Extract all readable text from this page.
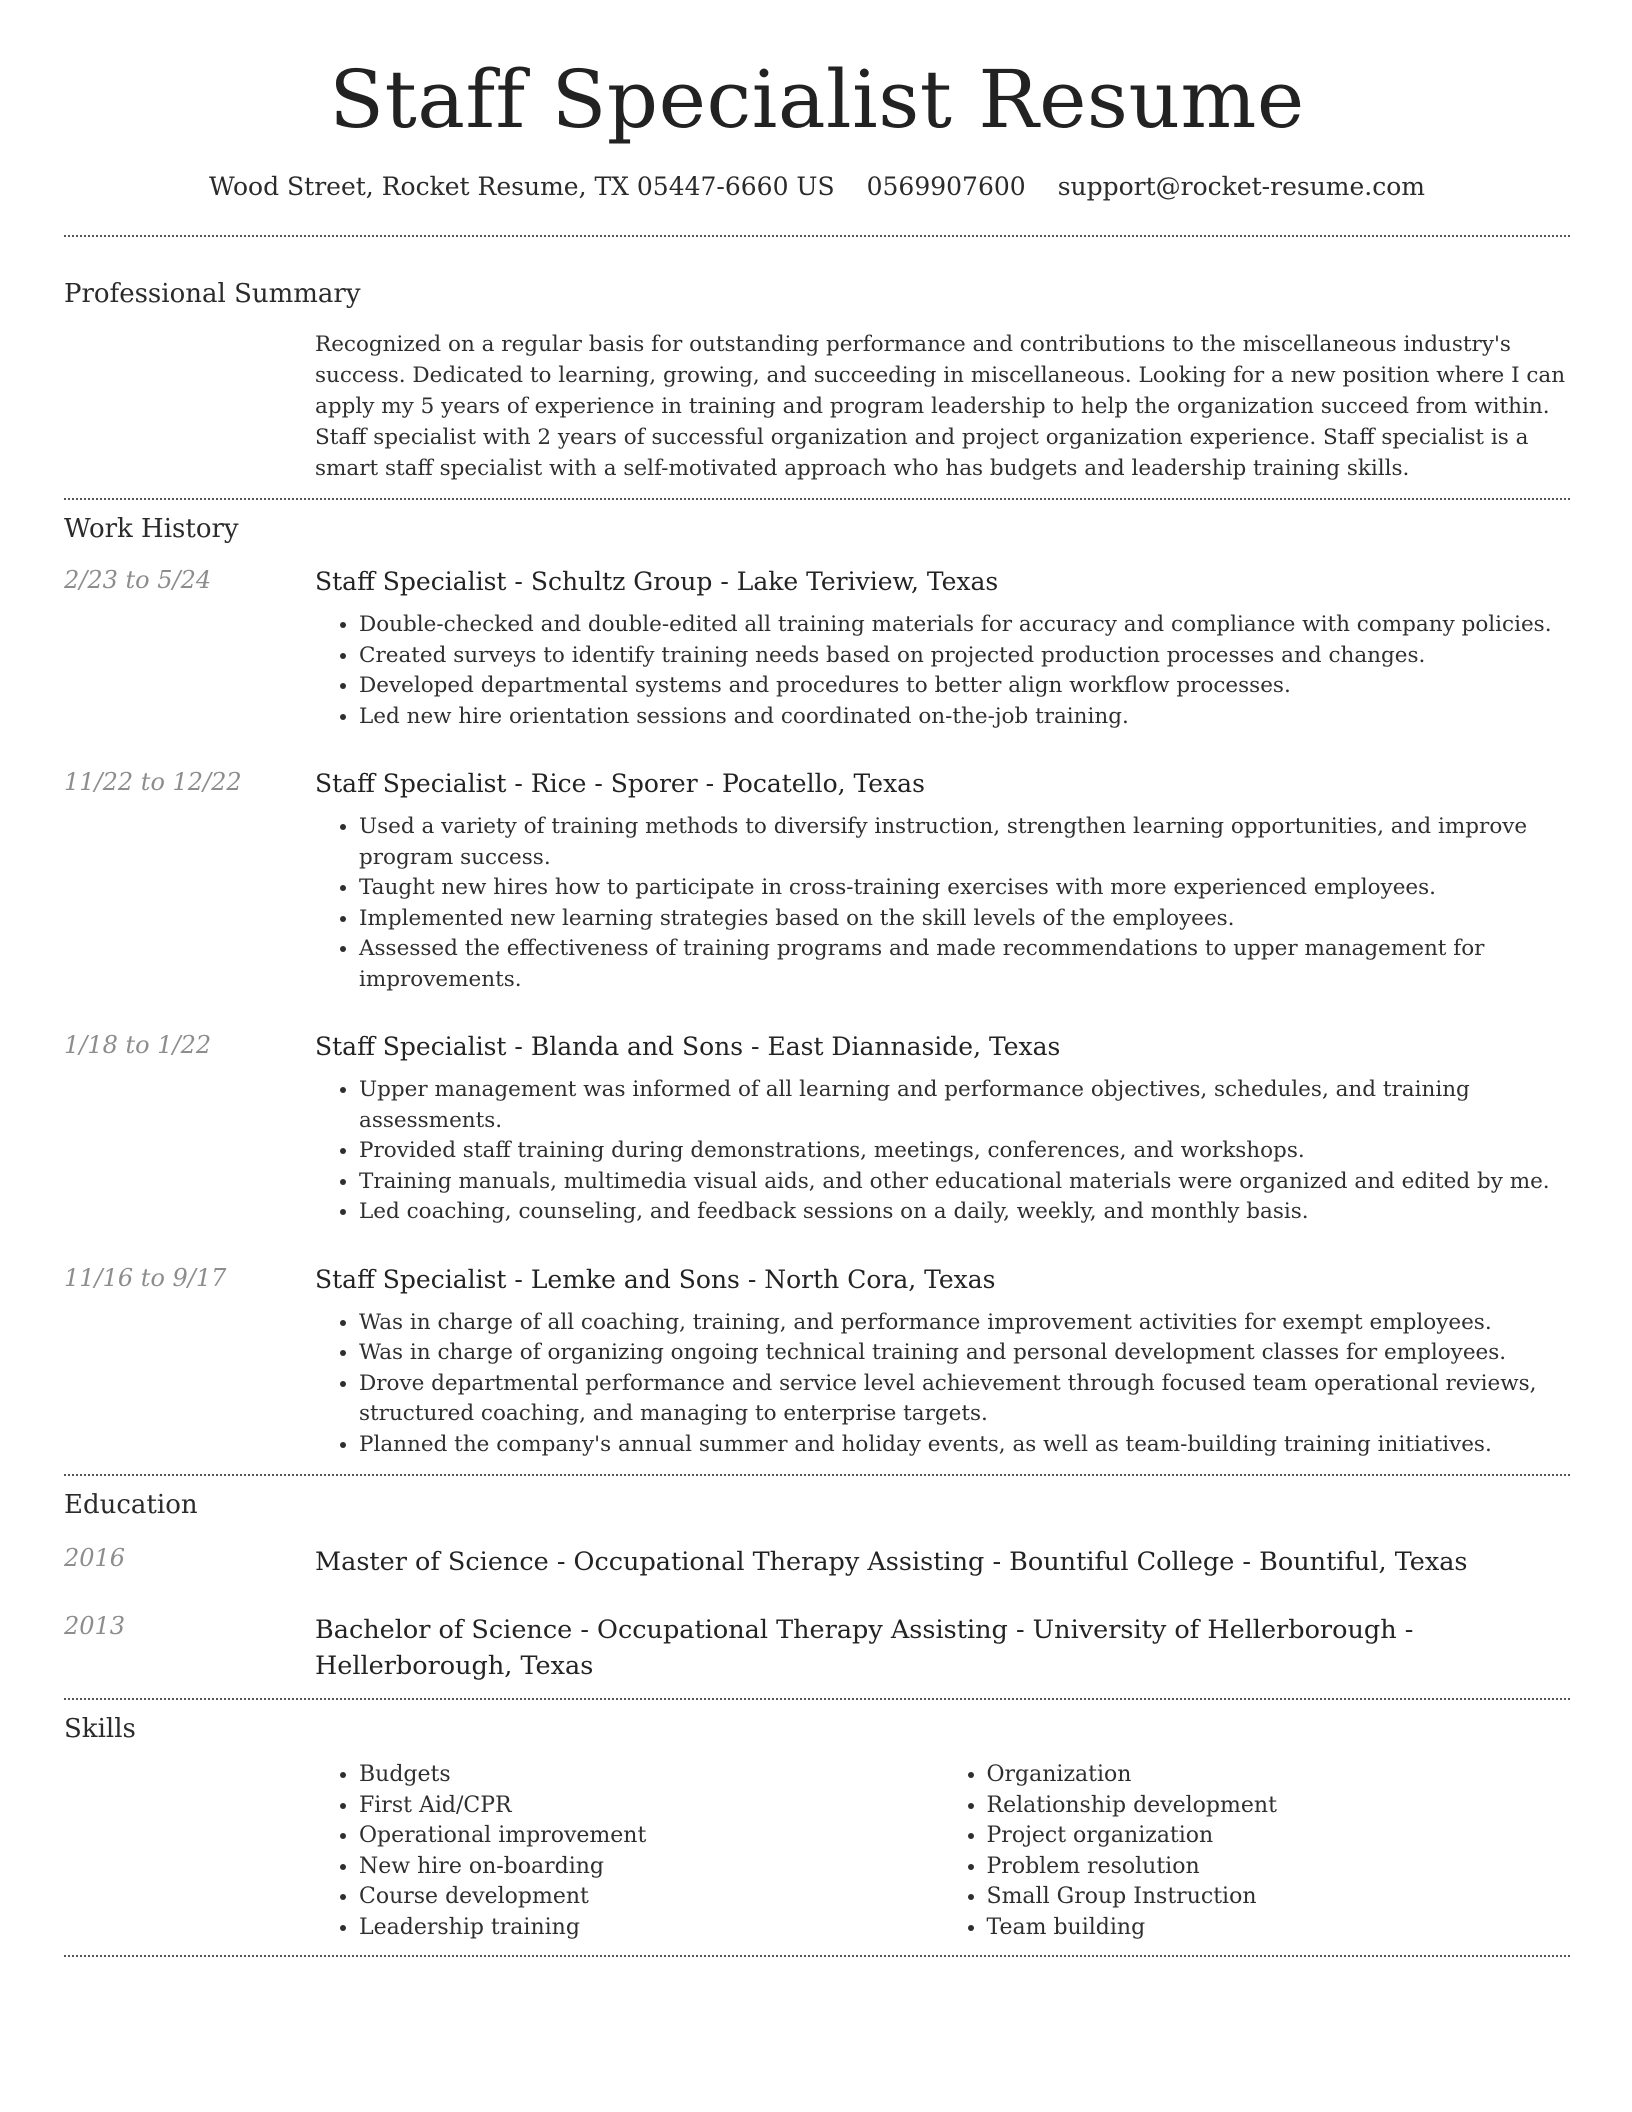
Staff Specialist Resume
Wood Street, Rocket Resume, TX 05447-6660 US 0569907600 support@rocket-resume.com
Professional Summary

Recognized on a regular basis for outstanding performance and contributions to the miscellaneous industry's success. Dedicated to learning, growing, and succeeding in miscellaneous. Looking for a new position where I can apply my 5 years of experience in training and program leadership to help the organization succeed from within. Staff specialist with 2 years of successful organization and project organization experience. Staff specialist is a smart staff specialist with a self-motivated approach who has budgets and leadership training skills.

Work History
2/23 to 5/24	Staff Specialist - Schultz Group - Lake Teriview, Texas
• Double-checked and double-edited all training materials for accuracy and compliance with company policies.
• Created surveys to identify training needs based on projected production processes and changes.
• Developed departmental systems and procedures to better align workflow processes.
• Led new hire orientation sessions and coordinated on-the-job training.
11/22 to 12/22	Staff Specialist - Rice - Sporer - Pocatello, Texas
• Used a variety of training methods to diversify instruction, strengthen learning opportunities, and improve program success.
• Taught new hires how to participate in cross-training exercises with more experienced employees.
• Implemented new learning strategies based on the skill levels of the employees.
• Assessed the effectiveness of training programs and made recommendations to upper management for improvements.
1/18 to 1/22	Staff Specialist - Blanda and Sons - East Diannaside, Texas
• Upper management was informed of all learning and performance objectives, schedules, and training assessments.
• Provided staff training during demonstrations, meetings, conferences, and workshops.
• Training manuals, multimedia visual aids, and other educational materials were organized and edited by me.
• Led coaching, counseling, and feedback sessions on a daily, weekly, and monthly basis.
11/16 to 9/17	Staff Specialist - Lemke and Sons - North Cora, Texas
• Was in charge of all coaching, training, and performance improvement activities for exempt employees.
• Was in charge of organizing ongoing technical training and personal development classes for employees.
• Drove departmental performance and service level achievement through focused team operational reviews, structured coaching, and managing to enterprise targets.
• Planned the company's annual summer and holiday events, as well as team-building training initiatives.
Education
2016	Master of Science - Occupational Therapy Assisting - Bountiful College - Bountiful, Texas
2013	Bachelor of Science - Occupational Therapy Assisting - University of Hellerborough - Hellerborough, Texas
Skills
• Budgets
• First Aid/CPR
• Operational improvement
• New hire on-boarding
• Course development
• Leadership training
• Organization
• Relationship development
• Project organization
• Problem resolution
• Small Group Instruction
• Team building
